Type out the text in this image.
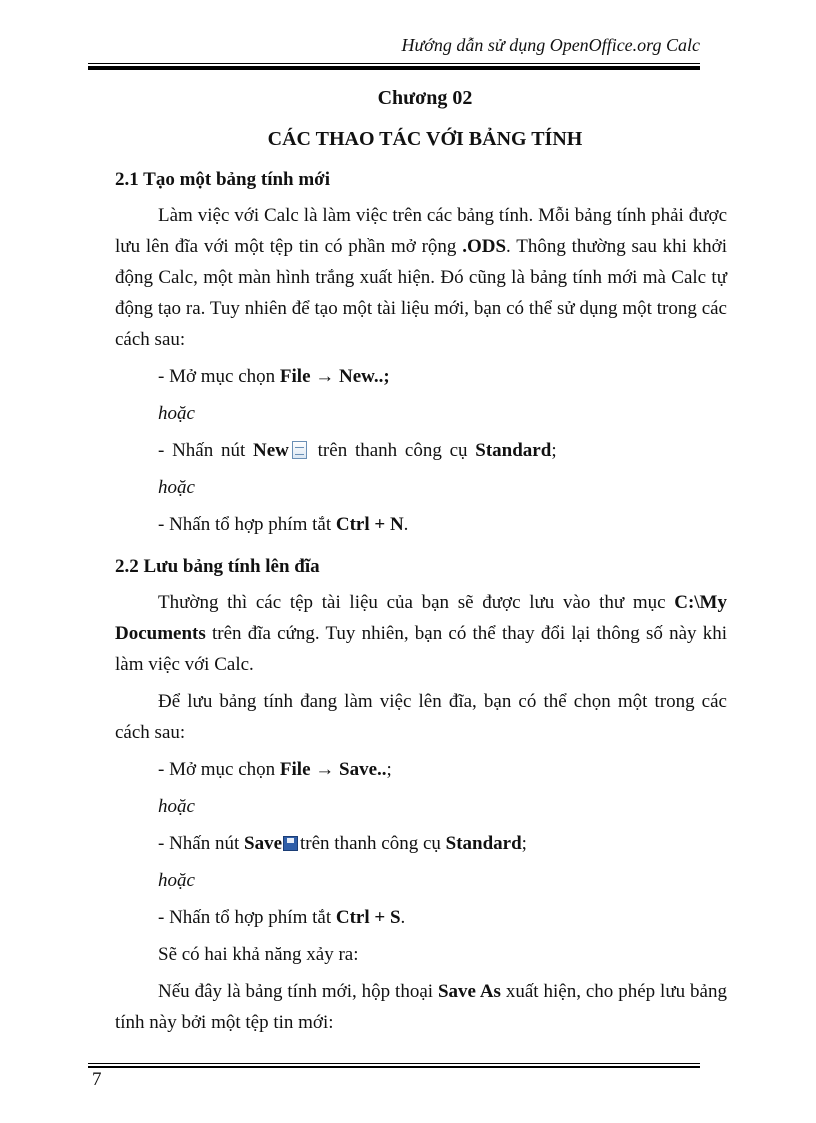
Hướng dẫn sử dụng OpenOffice.org Calc
Chương 02
CÁC THAO TÁC VỚI BẢNG TÍNH
2.1 Tạo một bảng tính mới

Làm việc với Calc là làm việc trên các bảng tính. Mỗi bảng tính phải được lưu lên đĩa với một tệp tin có phần mở rộng .ODS. Thông thường sau khi khởi động Calc, một màn hình trắng xuất hiện. Đó cũng là bảng tính mới mà Calc tự động tạo ra. Tuy nhiên để tạo một tài liệu mới, bạn có thể sử dụng một trong các cách sau:

- Mở mục chọn File → New..;

hoặc

- Nhấn nút New trên thanh công cụ Standard;

hoặc

- Nhấn tổ hợp phím tắt Ctrl + N.

2.2 Lưu bảng tính lên đĩa

Thường thì các tệp tài liệu của bạn sẽ được lưu vào thư mục C:\My Documents trên đĩa cứng. Tuy nhiên, bạn có thể thay đổi lại thông số này khi làm việc với Calc.

Để lưu bảng tính đang làm việc lên đĩa, bạn có thể chọn một trong các cách sau:

- Mở mục chọn File → Save..;

hoặc

- Nhấn nút Save trên thanh công cụ Standard;

hoặc

- Nhấn tổ hợp phím tắt Ctrl + S.

Sẽ có hai khả năng xảy ra:

Nếu đây là bảng tính mới, hộp thoại Save As xuất hiện, cho phép lưu bảng tính này bởi một tệp tin mới:

7
